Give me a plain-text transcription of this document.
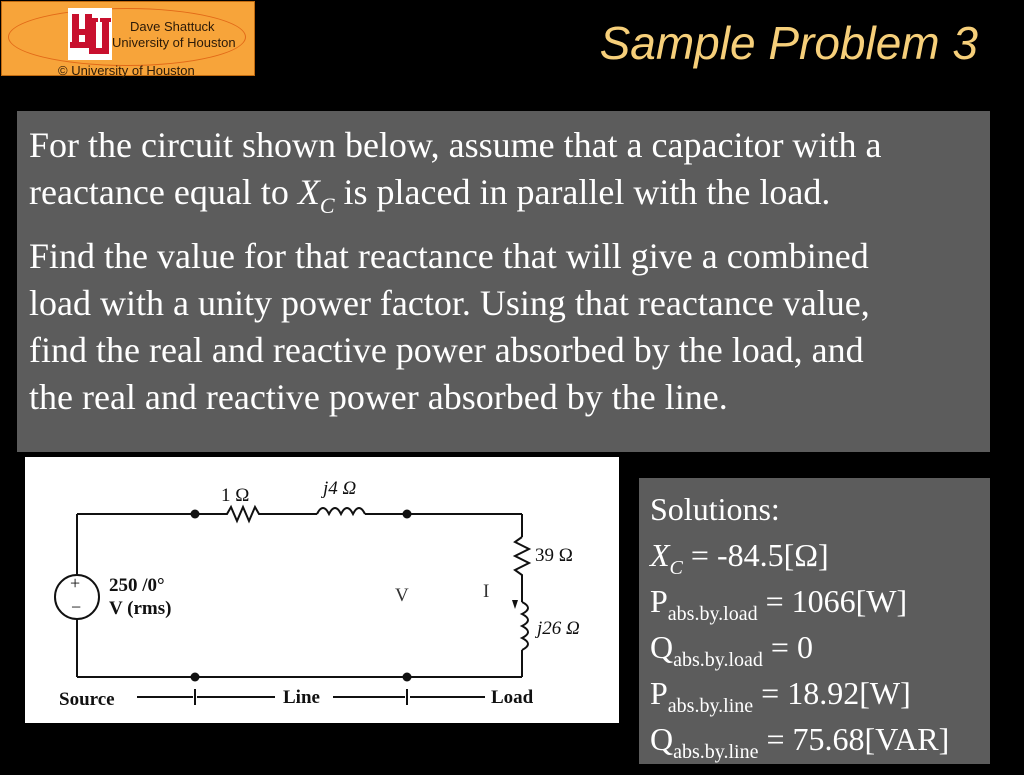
Dave Shattuck
University of Houston
© University of Houston
Sample Problem 3

For the circuit shown below, assume that a capacitor with a
reactance equal to $X_C$ is placed in parallel with the load.

Find the value for that reactance that will give a combined
load with a unity power factor. Using that reactance value,
find the real and reactive power absorbed by the load, and
the real and reactive power absorbed by the line.

1 Ω	j4 Ω
39 Ω
j26 Ω
250 /0°
V (rms)
+
−
V	I
Source	Line	Load
Solutions:
$X_C = -84.5[\Omega]$
$P_{abs.by.load} = 1066[W]$
$Q_{abs.by.load} = 0$
$P_{abs.by.line} = 18.92[W]$
$Q_{abs.by.line} = 75.68[VAR]$
